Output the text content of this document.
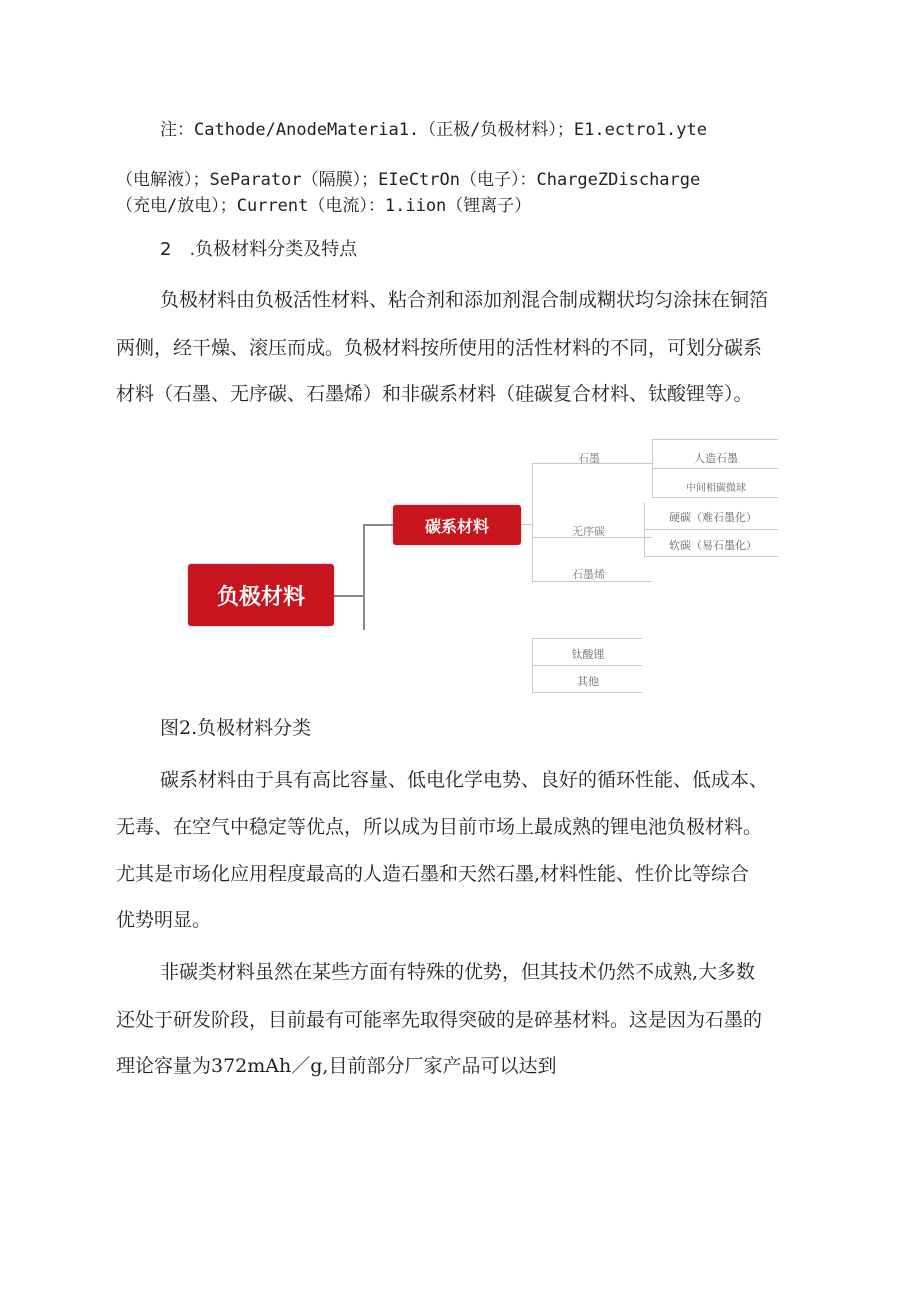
注：Cathode/AnodeMateria1.（正极/负极材料）；E1.ectro1.yte
（电解液）；SeParator（隔膜）；EIeCtrOn（电子）：ChargeZDischarge
（充电/放电）；Current（电流）：1.iion（锂离子）
2 .负极材料分类及特点
负极材料由负极活性材料、粘合剂和添加剂混合制成糊状均匀涂抹在铜箔
两侧，经干燥、滚压而成。负极材料按所使用的活性材料的不同，可划分碳系
材料（石墨、无序碳、石墨烯）和非碳系材料（硅碳复合材料、钛酸锂等）。
负极材料
碳系材料
石墨
无序碳
石墨烯
人造石墨
中间相碳微球
硬碳（难石墨化）
软碳（易石墨化）
钛酸锂
其他
图2.负极材料分类
碳系材料由于具有高比容量、低电化学电势、良好的循环性能、低成本、
无毒、在空气中稳定等优点，所以成为目前市场上最成熟的锂电池负极材料。
尤其是市场化应用程度最高的人造石墨和天然石墨,材料性能、性价比等综合
优势明显。
非碳类材料虽然在某些方面有特殊的优势，但其技术仍然不成熟,大多数
还处于研发阶段，目前最有可能率先取得突破的是碎基材料。这是因为石墨的
理论容量为372mAh／g,目前部分厂家产品可以达到
